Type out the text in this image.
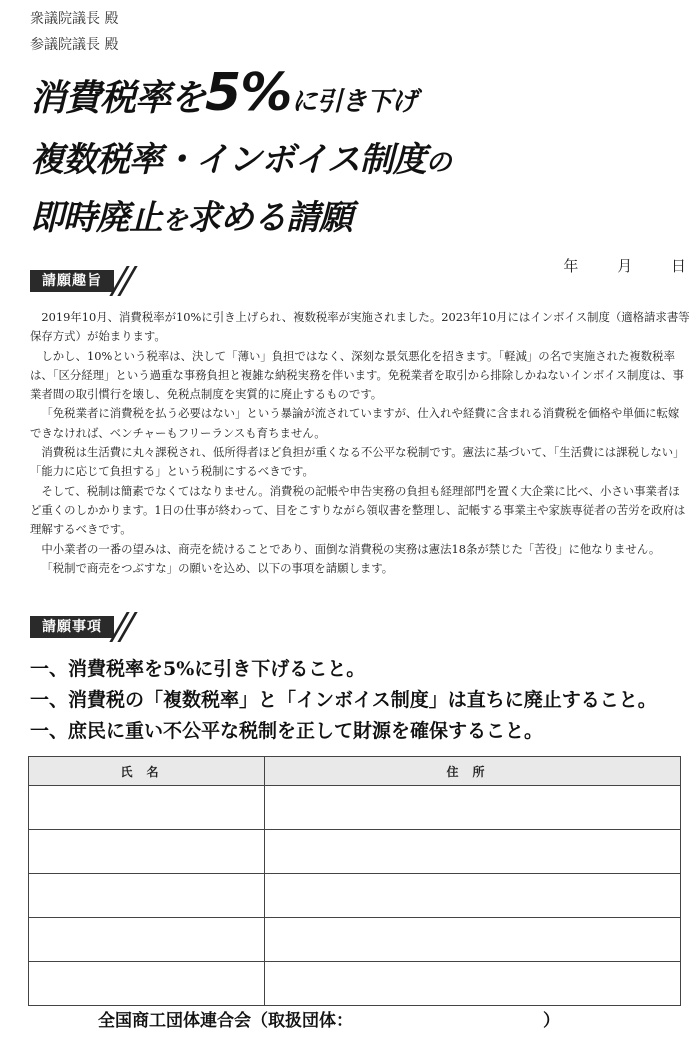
衆議院議長 殿
参議院議長 殿
消費税率を5%に引き下げ
複数税率・インボイス制度の
即時廃止を求める請願
年	月	日
請願趣旨

2019年10月、消費税率が10%に引き上げられ、複数税率が実施されました。2023年10月にはインボイス制度（適格請求書等保存方式）が始まります。

しかし、10%という税率は、決して「薄い」負担ではなく、深刻な景気悪化を招きます。「軽減」の名で実施された複数税率は、「区分経理」という過重な事務負担と複雑な納税実務を伴います。免税業者を取引から排除しかねないインボイス制度は、事業者間の取引慣行を壊し、免税点制度を実質的に廃止するものです。

「免税業者に消費税を払う必要はない」という暴論が流されていますが、仕入れや経費に含まれる消費税を価格や単価に転嫁できなければ、ベンチャーもフリーランスも育ちません。

消費税は生活費に丸々課税され、低所得者ほど負担が重くなる不公平な税制です。憲法に基づいて、「生活費には課税しない」「能力に応じて負担する」という税制にするべきです。

そして、税制は簡素でなくてはなりません。消費税の記帳や申告実務の負担も経理部門を置く大企業に比べ、小さい事業者ほど重くのしかかります。1日の仕事が終わって、目をこすりながら領収書を整理し、記帳する事業主や家族専従者の苦労を政府は理解するべきです。

中小業者の一番の望みは、商売を続けることであり、面倒な消費税の実務は憲法18条が禁じた「苦役」に他なりません。

「税制で商売をつぶすな」の願いを込め、以下の事項を請願します。

請願事項
一、消費税率を5%に引き下げること。
一、消費税の「複数税率」と「インボイス制度」は直ちに廃止すること。
一、庶民に重い不公平な税制を正して財源を確保すること。
氏名	住所

全国商工団体連合会（取扱団体：	）
